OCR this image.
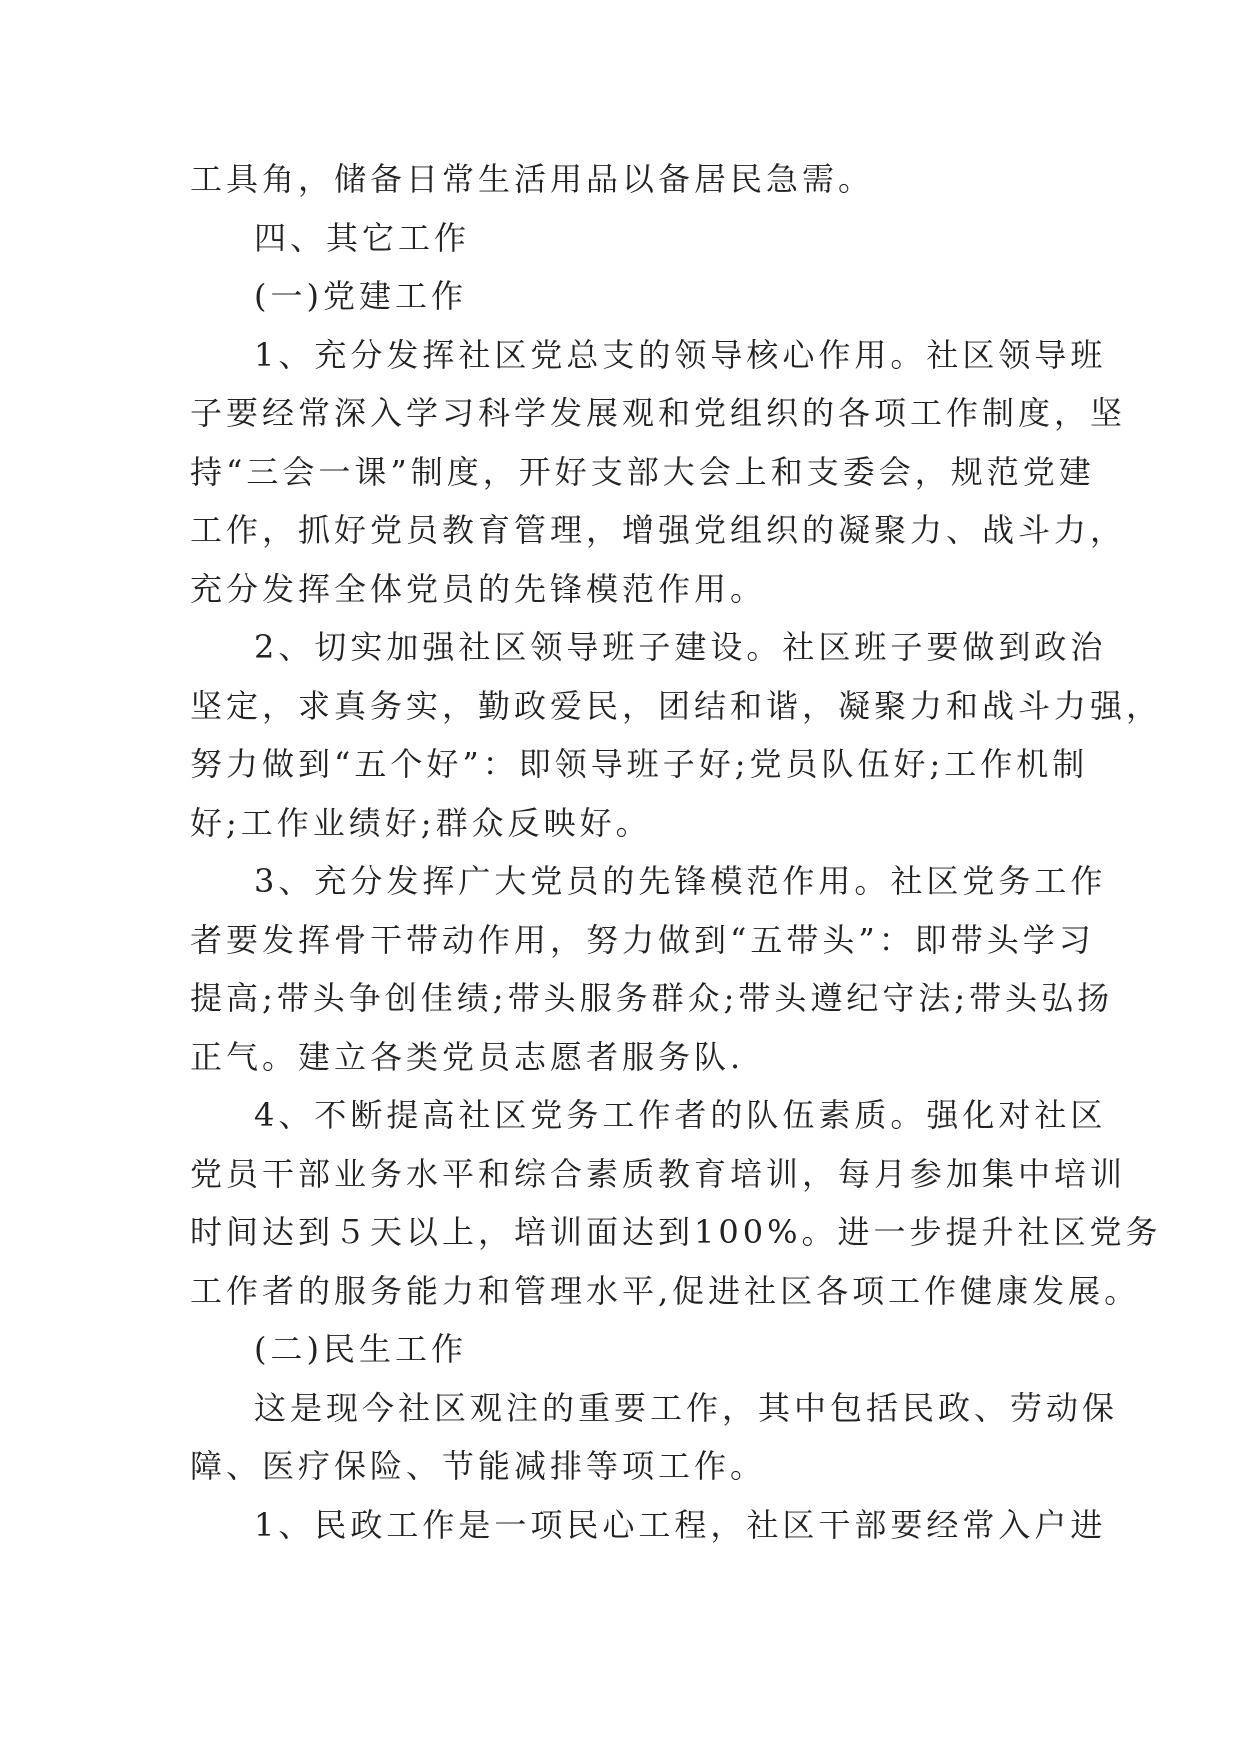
工具角，储备日常生活用品以备居民急需。
四、其它工作
(一)党建工作
1、充分发挥社区党总支的领导核心作用。社区领导班
子要经常深入学习科学发展观和党组织的各项工作制度，坚
持“三会一课”制度，开好支部大会上和支委会，规范党建
工作，抓好党员教育管理，增强党组织的凝聚力、战斗力，
充分发挥全体党员的先锋模范作用。
2、切实加强社区领导班子建设。社区班子要做到政治
坚定，求真务实，勤政爱民，团结和谐，凝聚力和战斗力强，
努力做到“五个好”：即领导班子好;党员队伍好;工作机制
好;工作业绩好;群众反映好。
3、充分发挥广大党员的先锋模范作用。社区党务工作
者要发挥骨干带动作用，努力做到“五带头”：即带头学习
提高;带头争创佳绩;带头服务群众;带头遵纪守法;带头弘扬
正气。建立各类党员志愿者服务队.
4、不断提高社区党务工作者的队伍素质。强化对社区
党员干部业务水平和综合素质教育培训，每月参加集中培训
时间达到５天以上，培训面达到100%。进一步提升社区党务
工作者的服务能力和管理水平,促进社区各项工作健康发展。
(二)民生工作
这是现今社区观注的重要工作，其中包括民政、劳动保
障、医疗保险、节能减排等项工作。
1、民政工作是一项民心工程，社区干部要经常入户进
